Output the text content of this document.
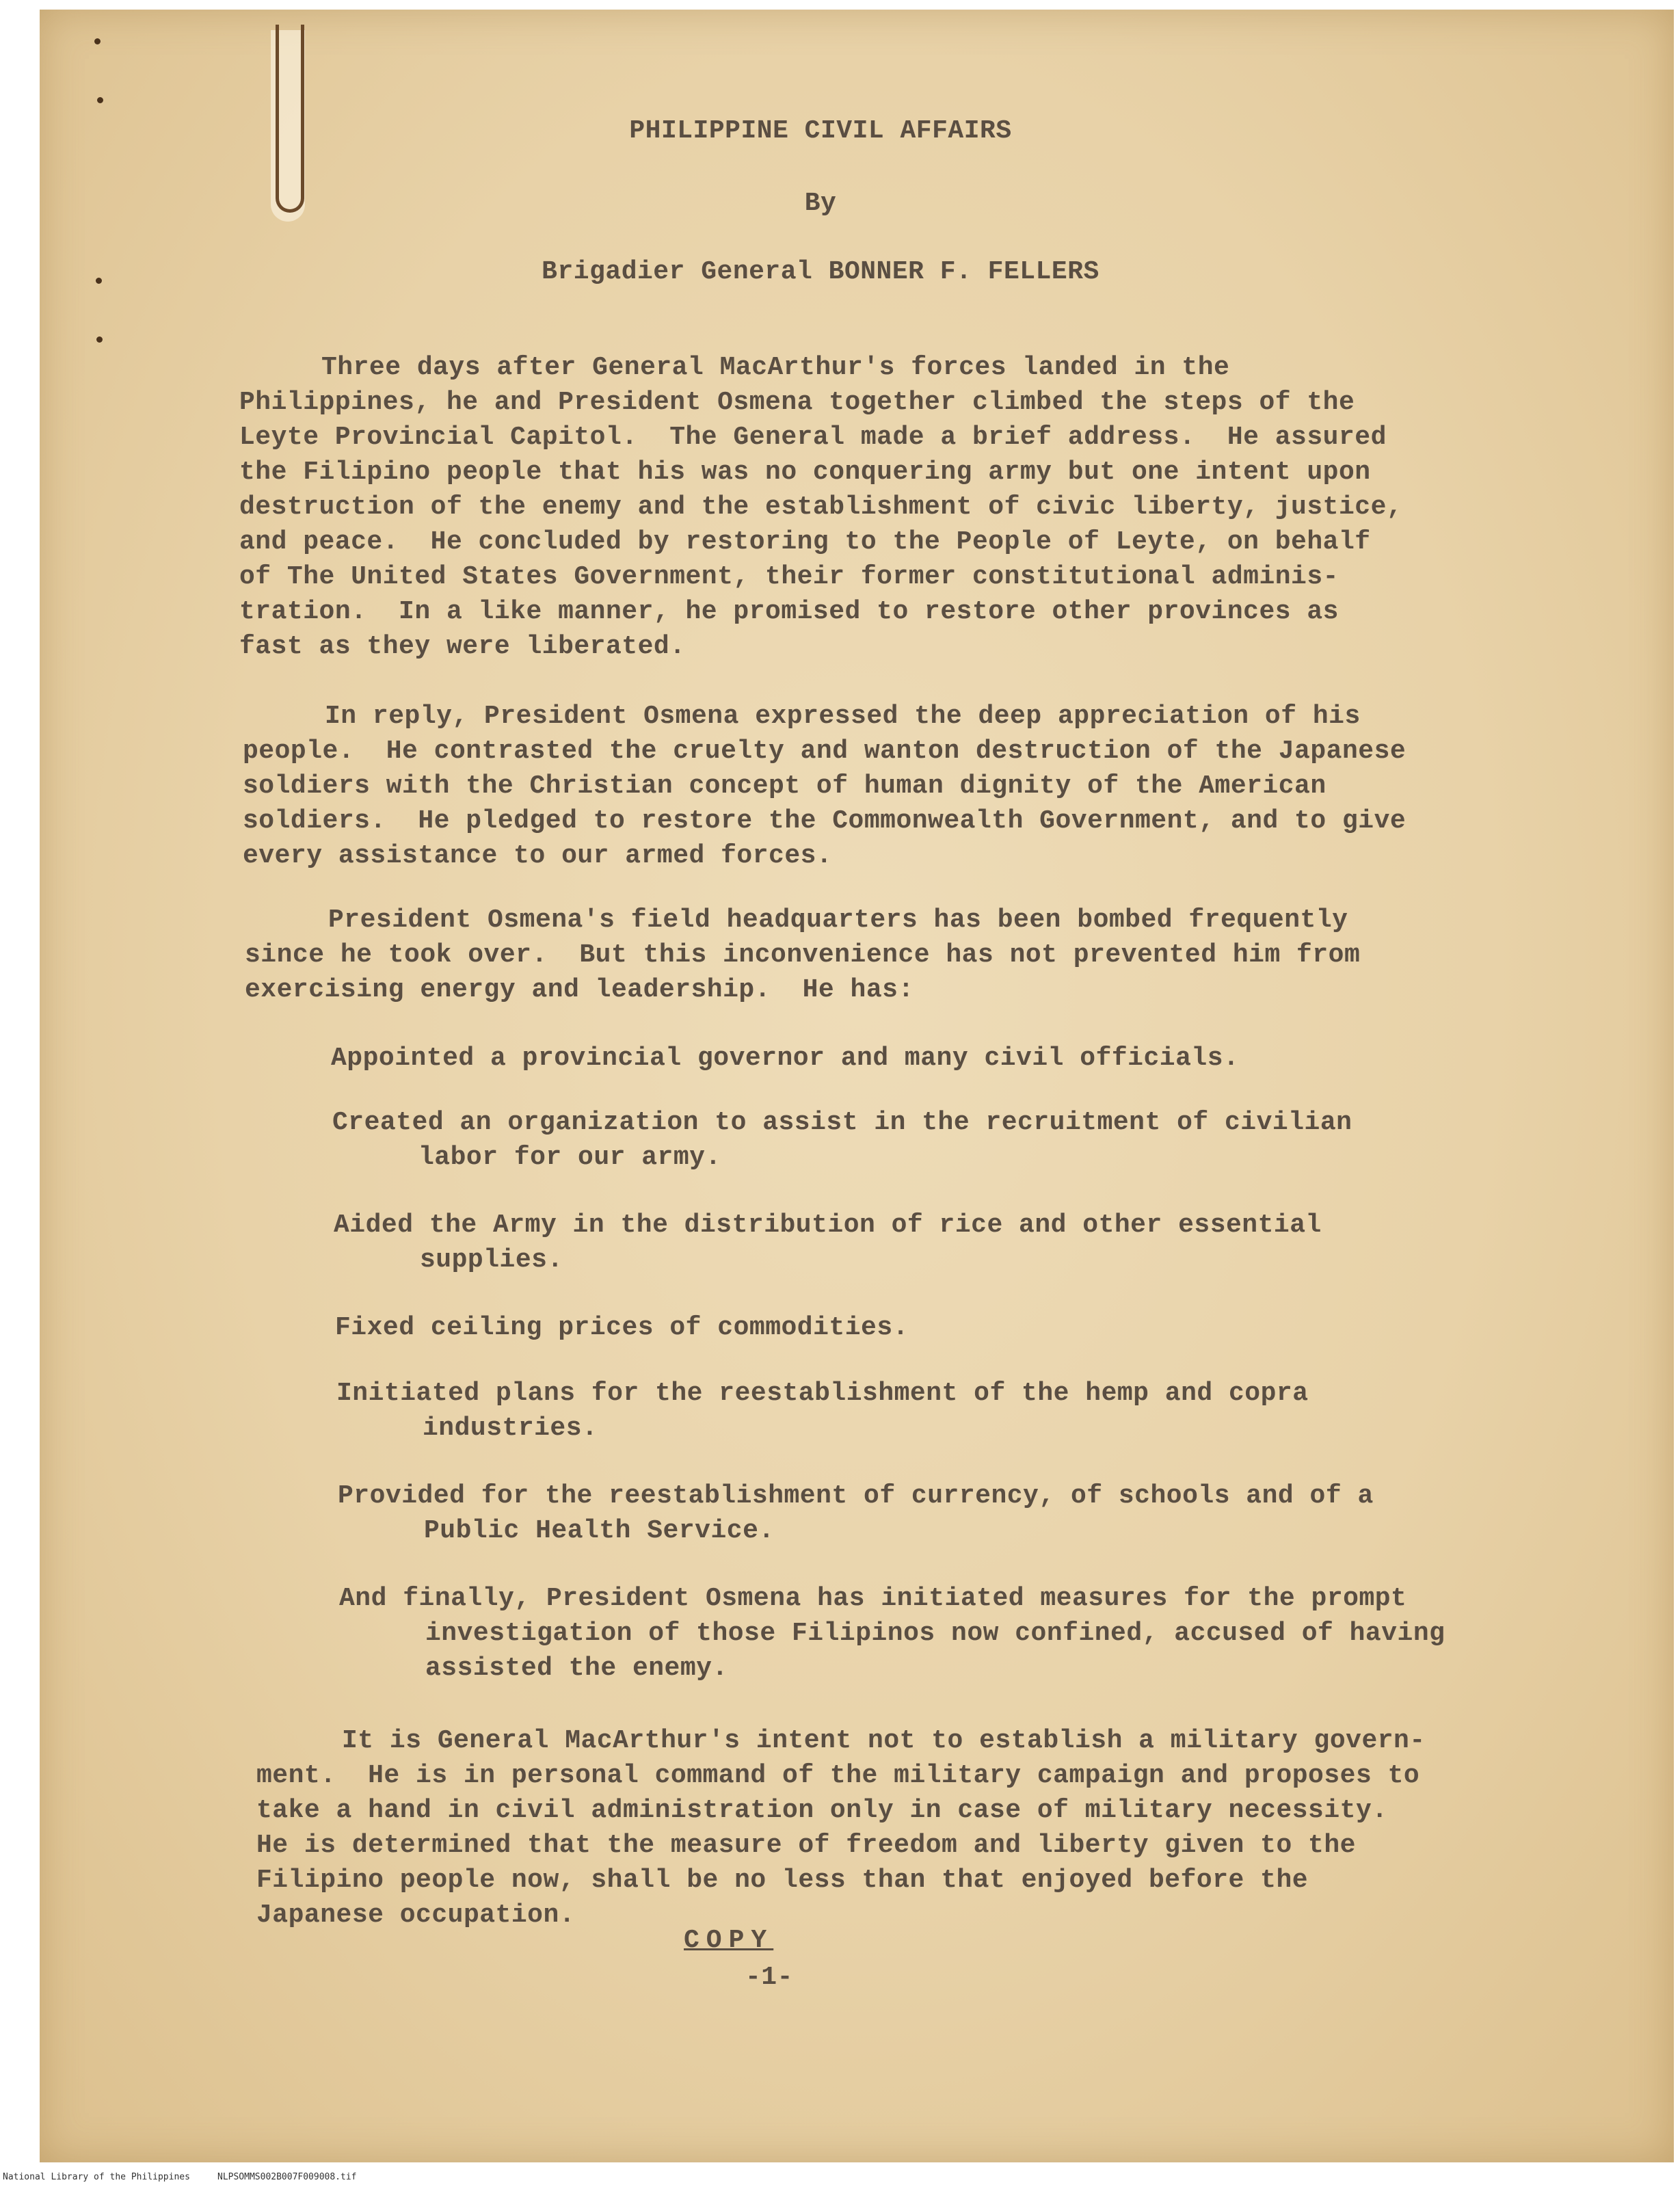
PHILIPPINE CIVIL AFFAIRS
By
Brigadier General BONNER F. FELLERS
Three days after General MacArthur's forces landed in the
Philippines, he and President Osmena together climbed the steps of the
Leyte Provincial Capitol.  The General made a brief address.  He assured
the Filipino people that his was no conquering army but one intent upon
destruction of the enemy and the establishment of civic liberty, justice,
and peace.  He concluded by restoring to the People of Leyte, on behalf
of The United States Government, their former constitutional adminis-
tration.  In a like manner, he promised to restore other provinces as
fast as they were liberated.
In reply, President Osmena expressed the deep appreciation of his
people.  He contrasted the cruelty and wanton destruction of the Japanese
soldiers with the Christian concept of human dignity of the American
soldiers.  He pledged to restore the Commonwealth Government, and to give
every assistance to our armed forces.
President Osmena's field headquarters has been bombed frequently
since he took over.  But this inconvenience has not prevented him from
exercising energy and leadership.  He has:
Appointed a provincial governor and many civil officials.
Created an organization to assist in the recruitment of civilian
labor for our army.
Aided the Army in the distribution of rice and other essential
supplies.
Fixed ceiling prices of commodities.
Initiated plans for the reestablishment of the hemp and copra
industries.
Provided for the reestablishment of currency, of schools and of a
Public Health Service.
And finally, President Osmena has initiated measures for the prompt
investigation of those Filipinos now confined, accused of having
assisted the enemy.
It is General MacArthur's intent not to establish a military govern-
ment.  He is in personal command of the military campaign and proposes to
take a hand in civil administration only in case of military necessity.
He is determined that the measure of freedom and liberty given to the
Filipino people now, shall be no less than that enjoyed before the
Japanese occupation.
COPY
-1-
National Library of the Philippines	NLPSOMMS002B007F009008.tif
